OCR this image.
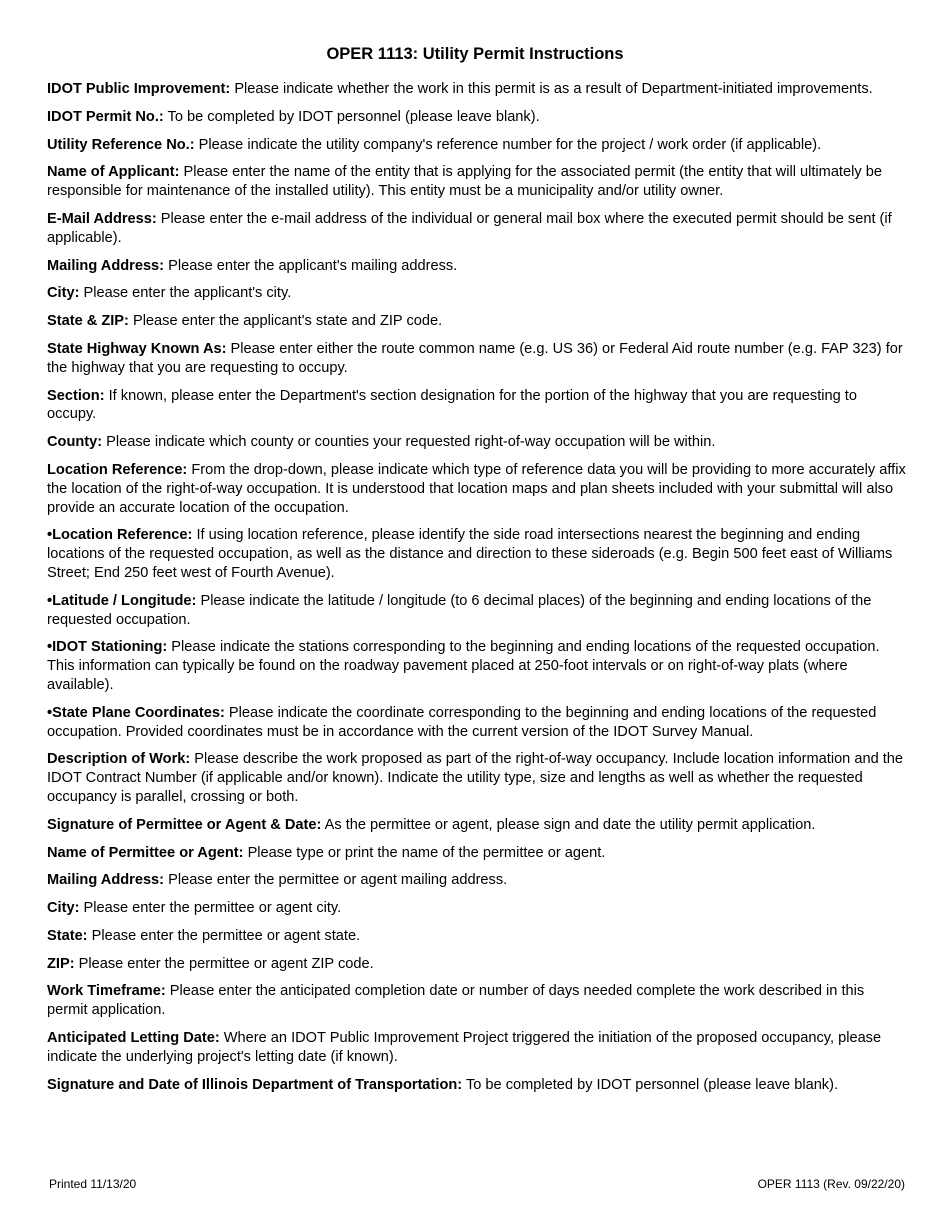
OPER 1113: Utility Permit Instructions

IDOT Public Improvement: Please indicate whether the work in this permit is as a result of Department-initiated improvements.

IDOT Permit No.: To be completed by IDOT personnel (please leave blank).

Utility Reference No.: Please indicate the utility company's reference number for the project / work order (if applicable).

Name of Applicant: Please enter the name of the entity that is applying for the associated permit (the entity that will ultimately be responsible for maintenance of the installed utility). This entity must be a municipality and/or utility owner.

E-Mail Address: Please enter the e-mail address of the individual or general mail box where the executed permit should be sent (if applicable).

Mailing Address: Please enter the applicant's mailing address.

City: Please enter the applicant's city.

State & ZIP: Please enter the applicant's state and ZIP code.

State Highway Known As: Please enter either the route common name (e.g. US 36) or Federal Aid route number (e.g. FAP 323) for the highway that you are requesting to occupy.

Section: If known, please enter the Department's section designation for the portion of the highway that you are requesting to occupy.

County: Please indicate which county or counties your requested right-of-way occupation will be within.

Location Reference: From the drop-down, please indicate which type of reference data you will be providing to more accurately affix the location of the right-of-way occupation. It is understood that location maps and plan sheets included with your submittal will also provide an accurate location of the occupation.

•Location Reference: If using location reference, please identify the side road intersections nearest the beginning and ending locations of the requested occupation, as well as the distance and direction to these sideroads (e.g. Begin 500 feet east of Williams Street; End 250 feet west of Fourth Avenue).

•Latitude / Longitude: Please indicate the latitude / longitude (to 6 decimal places) of the beginning and ending locations of the requested occupation.

•IDOT Stationing: Please indicate the stations corresponding to the beginning and ending locations of the requested occupation. This information can typically be found on the roadway pavement placed at 250-foot intervals or on right-of-way plats (where available).

•State Plane Coordinates: Please indicate the coordinate corresponding to the beginning and ending locations of the requested occupation. Provided coordinates must be in accordance with the current version of the IDOT Survey Manual.

Description of Work: Please describe the work proposed as part of the right-of-way occupancy. Include location information and the IDOT Contract Number (if applicable and/or known). Indicate the utility type, size and lengths as well as whether the requested occupancy is parallel, crossing or both.

Signature of Permittee or Agent & Date: As the permittee or agent, please sign and date the utility permit application.

Name of Permittee or Agent: Please type or print the name of the permittee or agent.

Mailing Address: Please enter the permittee or agent mailing address.

City: Please enter the permittee or agent city.

State: Please enter the permittee or agent state.

ZIP: Please enter the permittee or agent ZIP code.

Work Timeframe: Please enter the anticipated completion date or number of days needed complete the work described in this permit application.

Anticipated Letting Date: Where an IDOT Public Improvement Project triggered the initiation of the proposed occupancy, please indicate the underlying project's letting date (if known).

Signature and Date of Illinois Department of Transportation: To be completed by IDOT personnel (please leave blank).

Printed 11/13/20	OPER 1113 (Rev. 09/22/20)
